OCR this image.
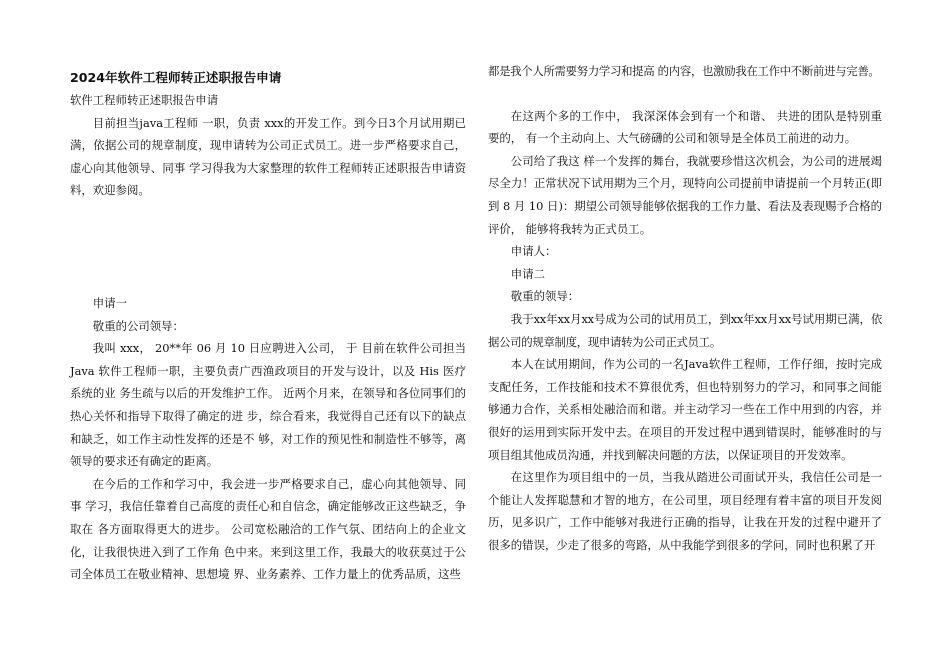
2024年软件工程师转正述职报告申请

软件工程师转正述职报告申请

目前担当java工程师 一职，负责 xxx的开发工作。到今日3个月试用期已满，依据公司的规章制度，现申请转为公司正式员工。进一步严格要求自己，虚心向其他领导、同事 学习得我为大家整理的软件工程师转正述职报告申请资料，欢迎参阅。

申请一

敬重的公司领导：

我叫 xxx， 20**年 06 月 10 日应聘进入公司， 于 目前在软件公司担当Java 软件工程师一职，主要负责广西渔政项目的开发与设计，以及 His 医疗系统的业 务生疏与以后的开发维护工作。 近两个月来，在领导和各位同事们的热心关怀和指导下取得了确定的进 步，综合看来，我觉得自己还有以下的缺点和缺乏，如工作主动性发挥的还是不 够，对工作的预见性和制造性不够等，离领导的要求还有确定的距离。

在今后的工作和学习中，我会进一步严格要求自己，虚心向其他领导、同事 学习，我信任靠着自己高度的责任心和自信念，确定能够改正这些缺乏，争取在 各方面取得更大的进步。 公司宽松融洽的工作气氛、团结向上的企业文化，让我很快进入到了工作角 色中来。来到这里工作，我最大的收获莫过于公司全体员工在敬业精神、思想境 界、业务素养、工作力量上的优秀品质，这些

都是我个人所需要努力学习和提高 的内容，也激励我在工作中不断前进与完善。

在这两个多的工作中， 我深深体会到有一个和谐、 共进的团队是特别重要的， 有一个主动向上、大气磅礴的公司和领导是全体员工前进的动力。

公司给了我这 样一个发挥的舞台，我就要珍惜这次机会，为公司的进展竭尽全力！正常状况下试用期为三个月，现特向公司提前申请提前一个月转正(即到 8 月 10 日)：期望公司领导能够依据我的工作力量、看法及表现赐予合格的评价， 能够将我转为正式员工。

申请人：

申请二

敬重的领导：

我于xx年xx月xx号成为公司的试用员工，到xx年xx月xx号试用期已满，依据公司的规章制度，现申请转为公司正式员工。

本人在试用期间，作为公司的一名Java软件工程师，工作仔细，按时完成支配任务，工作技能和技术不算很优秀，但也特别努力的学习，和同事之间能够通力合作，关系相处融洽而和谐。并主动学习一些在工作中用到的内容，并很好的运用到实际开发中去。在项目的开发过程中遇到错误时，能够准时的与项目组其他成员沟通，并找到解决问题的方法，以保证项目的开发效率。

在这里作为项目组中的一员，当我从踏进公司面试开头，我信任公司是一个能让人发挥聪慧和才智的地方，在公司里，项目经理有着丰富的项目开发阅历，见多识广，工作中能够对我进行正确的指导，让我在开发的过程中避开了很多的错误，少走了很多的弯路，从中我能学到很多的学问，同时也积累了开
